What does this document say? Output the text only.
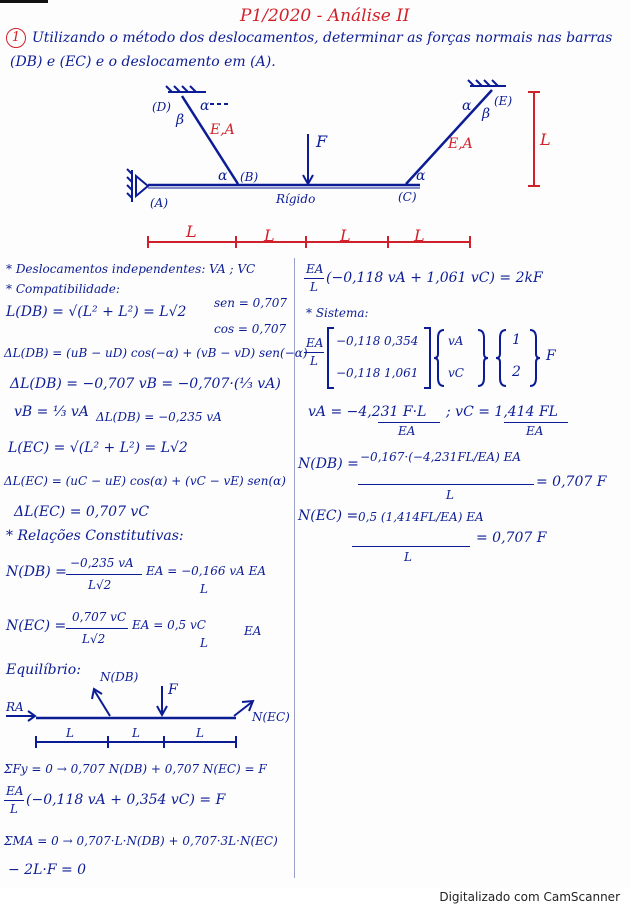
P1/2020 - Análise II
1 Utilizando o método dos deslocamentos, determinar as forças normais nas barras
(DB) e (EC) e o deslocamento em (A).
(D)
β
α
E,A
α (B)
F
Rígido
(A)	(C)
α
E,A
α β
(E)
L
L	L	L	L
* Deslocamentos independentes: VA ; VC
* Compatibilidade:
L(DB) = √(L² + L²) = L√2
sen = 0,707
cos = 0,707
ΔL(DB) = (uB − uD) cos(−α) + (vB − vD) sen(−α)
ΔL(DB) = −0,707 vB = −0,707·(⅓ vA)
vB = ⅓ vA ΔL(DB) = −0,235 vA
L(EC) = √(L² + L²) = L√2
ΔL(EC) = (uC − uE) cos(α) + (vC − vE) sen(α)
ΔL(EC) = 0,707 vC
* Relações Constitutivas:
N(DB) =
−0,235 vA
L√2
EA = −0,166 vA EA
L
N(EC) =
0,707 vC
L√2
EA = 0,5 vC
L
EA
Equilíbrio: N(DB)
F
RA
N(EC)
L	L	L
ΣFy = 0 → 0,707 N(DB) + 0,707 N(EC) = F
EA
L
(−0,118 vA + 0,354 vC) = F
ΣMA = 0 → 0,707·L·N(DB) + 0,707·3L·N(EC)
− 2L·F = 0
EA
L
(−0,118 vA + 1,061 vC) = 2kF
* Sistema:
EA
L
−0,118 0,354
−0,118 1,061
vA
vC
1
2
F
vA = −4,231 F·L
EA
; vC = 1,414 FL
EA
N(DB) = −0,167·(−4,231FL/EA) EA
L
= 0,707 F
N(EC) = 0,5 (1,414FL/EA) EA
L
= 0,707 F
Digitalizado com CamScanner
